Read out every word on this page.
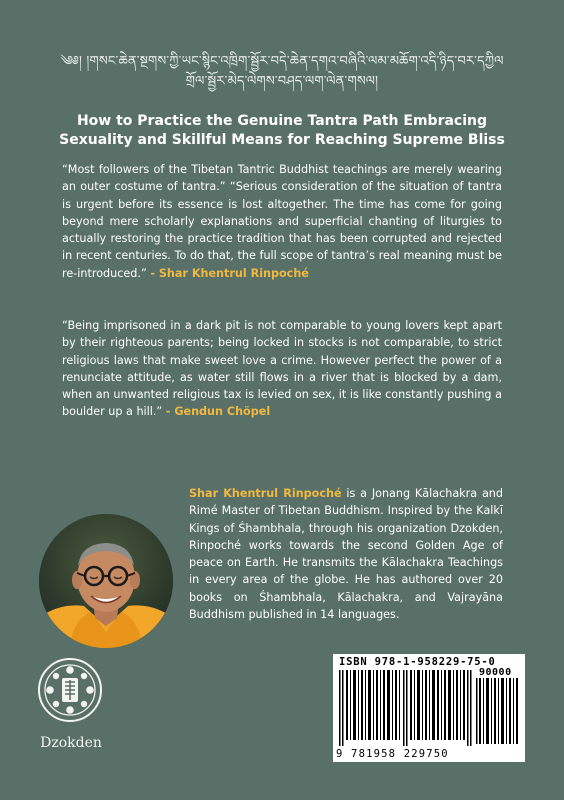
༄༅། །གསང་ཆེན་སྔགས་ཀྱི་ཡང་སྙིང་འཁྲིག་སྦྱོར་བདེ་ཆེན་དགའ་བཞིའི་ལམ་མཆོག་འདི་ཉིད་བར་དཀྱིལ
གྲོལ་སྦྱོར་མེད་ལེགས་བཤད་ལག་ལེན་གསལ།
How to Practice the Genuine Tantra Path Embracing Sexuality and Skillful Means for Reaching Supreme Bliss
“Most followers of the Tibetan Tantric Buddhist teachings are merely wearing an outer costume of tantra.” “Serious consideration of the situation of tantra is urgent before its essence is lost altogether. The time has come for going beyond mere scholarly explanations and superficial chanting of liturgies to actually restoring the practice tradition that has been corrupted and rejected in recent centuries. To do that, the full scope of tantra’s real meaning must be re-introduced.” - Shar Khentrul Rinpoché
“Being imprisoned in a dark pit is not comparable to young lovers kept apart by their righteous parents; being locked in stocks is not comparable, to strict religious laws that make sweet love a crime. However perfect the power of a renunciate attitude, as water still flows in a river that is blocked by a dam, when an unwanted religious tax is levied on sex, it is like constantly pushing a boulder up a hill.” - Gendun Chöpel
Shar Khentrul Rinpoché is a Jonang Kālachakra and Rimé Master of Tibetan Buddhism. Inspired by the Kalkī Kings of Śhambhala, through his organization Dzokden, Rinpoché works towards the second Golden Age of peace on Earth. He transmits the Kālachakra Teachings in every area of the globe. He has authored over 20 books on Śhambhala, Kālachakra, and Vajrayāna Buddhism published in 14 languages.
Dzokden
ISBN 978-1-958229-75-0
90000
9 781958 229750
